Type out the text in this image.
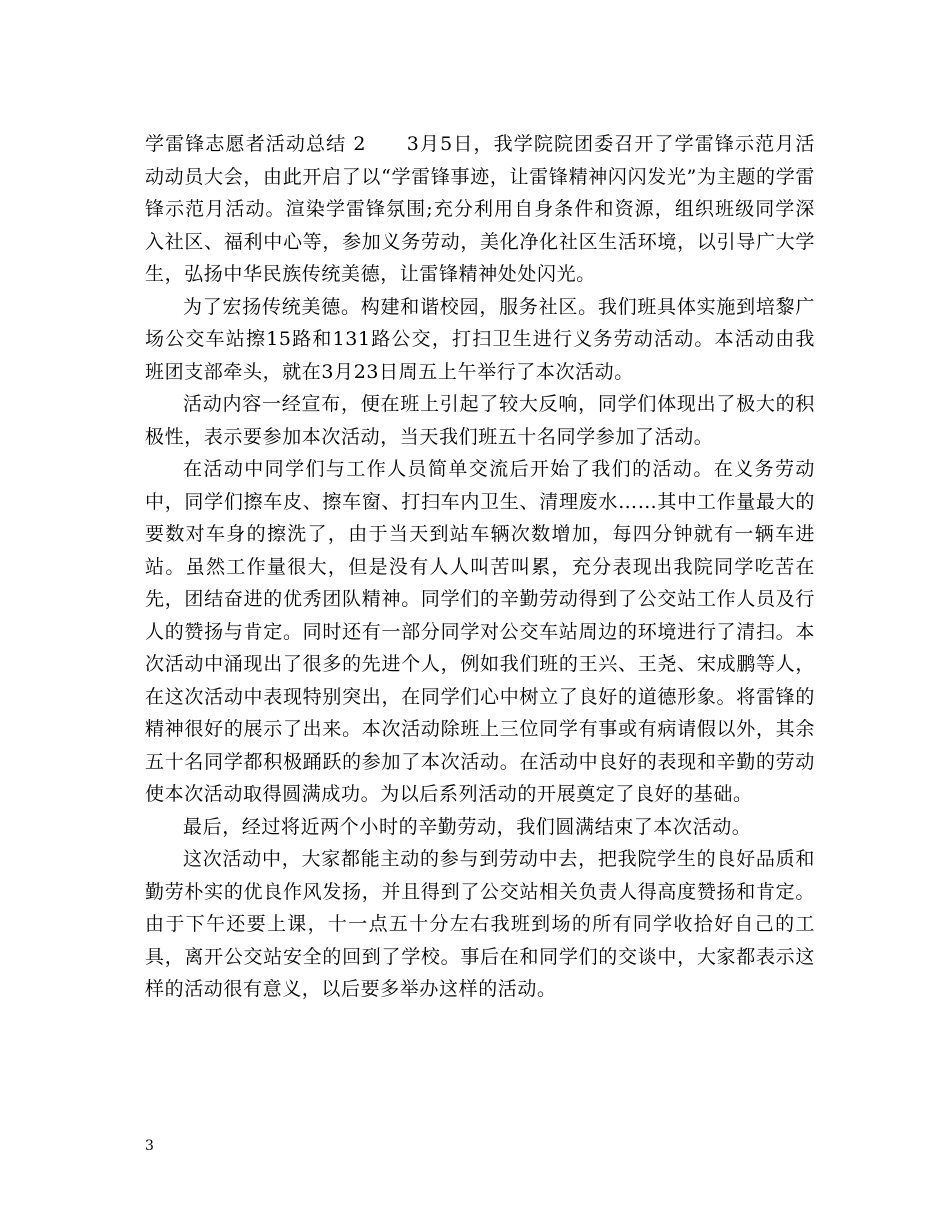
学雷锋志愿者活动总结 2　　3月5日，我学院院团委召开了学雷锋示范月活动动员大会，由此开启了以“学雷锋事迹，让雷锋精神闪闪发光”为主题的学雷锋示范月活动。渲染学雷锋氛围;充分利用自身条件和资源，组织班级同学深入社区、福利中心等，参加义务劳动，美化净化社区生活环境，以引导广大学生，弘扬中华民族传统美德，让雷锋精神处处闪光。

为了宏扬传统美德。构建和谐校园，服务社区。我们班具体实施到培黎广场公交车站擦15路和131路公交，打扫卫生进行义务劳动活动。本活动由我班团支部牵头，就在3月23日周五上午举行了本次活动。

活动内容一经宣布，便在班上引起了较大反响，同学们体现出了极大的积极性，表示要参加本次活动，当天我们班五十名同学参加了活动。

在活动中同学们与工作人员简单交流后开始了我们的活动。在义务劳动中，同学们擦车皮、擦车窗、打扫车内卫生、清理废水……其中工作量最大的要数对车身的擦洗了，由于当天到站车辆次数增加，每四分钟就有一辆车进站。虽然工作量很大，但是没有人人叫苦叫累，充分表现出我院同学吃苦在先，团结奋进的优秀团队精神。同学们的辛勤劳动得到了公交站工作人员及行人的赞扬与肯定。同时还有一部分同学对公交车站周边的环境进行了清扫。本次活动中涌现出了很多的先进个人，例如我们班的王兴、王尧、宋成鹏等人，在这次活动中表现特别突出，在同学们心中树立了良好的道德形象。将雷锋的精神很好的展示了出来。本次活动除班上三位同学有事或有病请假以外，其余五十名同学都积极踊跃的参加了本次活动。在活动中良好的表现和辛勤的劳动使本次活动取得圆满成功。为以后系列活动的开展奠定了良好的基础。

最后，经过将近两个小时的辛勤劳动，我们圆满结束了本次活动。

这次活动中，大家都能主动的参与到劳动中去，把我院学生的良好品质和勤劳朴实的优良作风发扬，并且得到了公交站相关负责人得高度赞扬和肯定。由于下午还要上课，十一点五十分左右我班到场的所有同学收拾好自己的工具，离开公交站安全的回到了学校。事后在和同学们的交谈中，大家都表示这样的活动很有意义，以后要多举办这样的活动。

3
